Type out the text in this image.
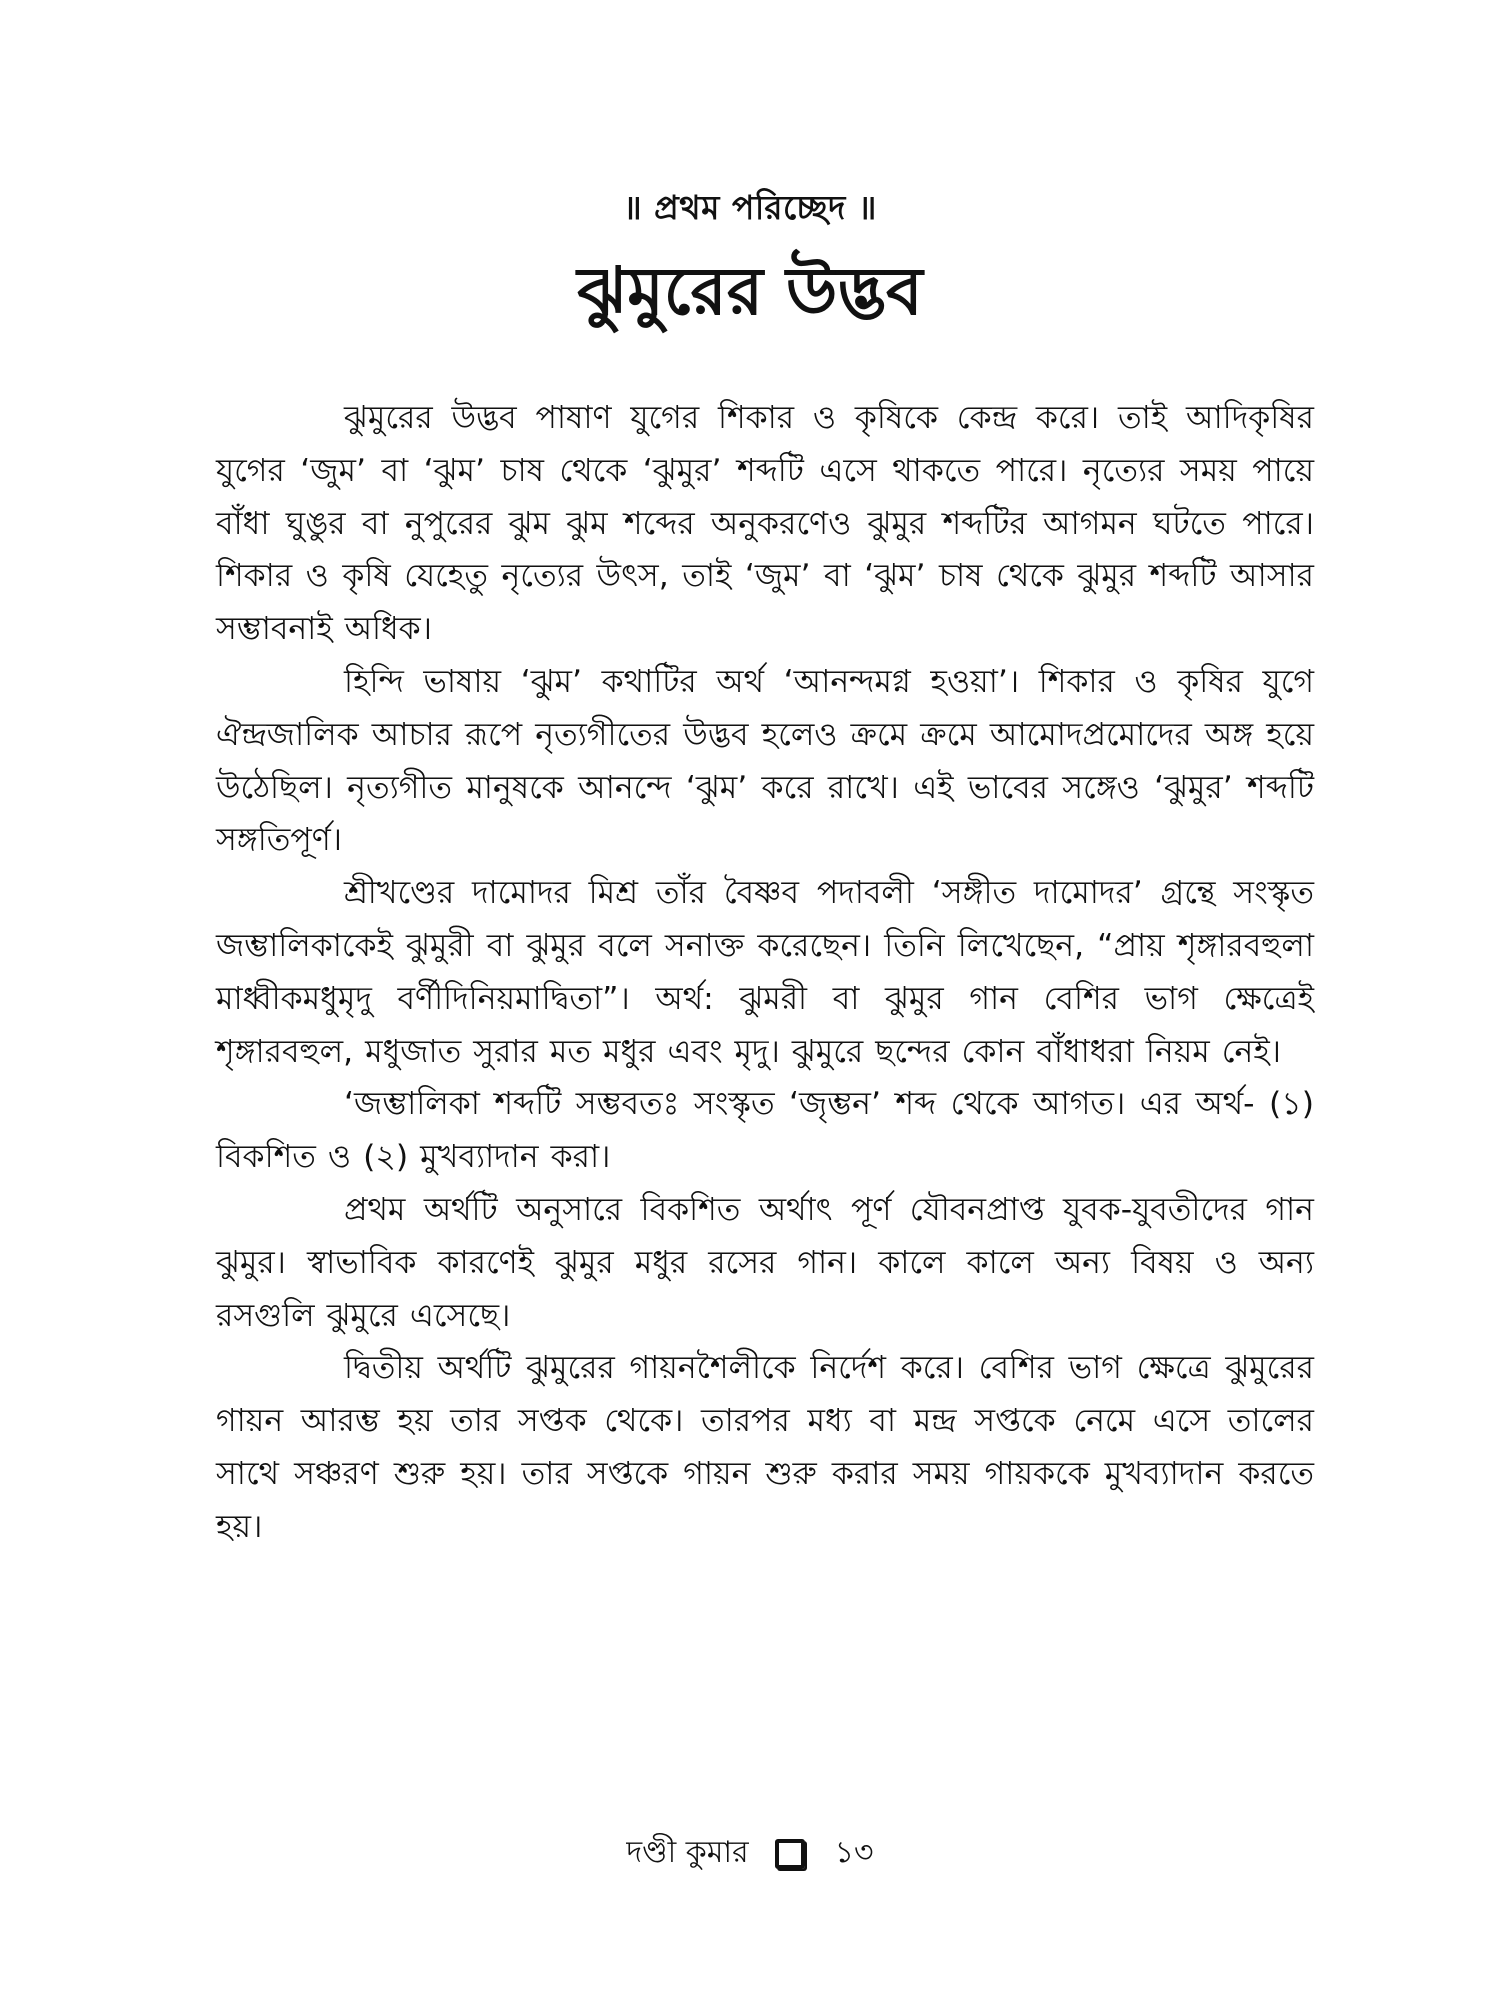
॥ প্রথম পরিচ্ছেদ ॥
ঝুমুরের উদ্ভব

ঝুমুরের উদ্ভব পাষাণ যুগের শিকার ও কৃষিকে কেন্দ্র করে। তাই আদিকৃষির যুগের ‘জুম’ বা ‘ঝুম’ চাষ থেকে ‘ঝুমুর’ শব্দটি এসে থাকতে পারে। নৃত্যের সময় পায়ে বাঁধা ঘুঙুর বা নুপুরের ঝুম ঝুম শব্দের অনুকরণেও ঝুমুর শব্দটির আগমন ঘটতে পারে। শিকার ও কৃষি যেহেতু নৃত্যের উৎস, তাই ‘জুম’ বা ‘ঝুম’ চাষ থেকে ঝুমুর শব্দটি আসার সম্ভাবনাই অধিক।

হিন্দি ভাষায় ‘ঝুম’ কথাটির অর্থ ‘আনন্দমগ্ন হওয়া’। শিকার ও কৃষির যুগে ঐন্দ্রজালিক আচার রূপে নৃত্যগীতের উদ্ভব হলেও ক্রমে ক্রমে আমোদপ্রমোদের অঙ্গ হয়ে উঠেছিল। নৃত্যগীত মানুষকে আনন্দে ‘ঝুম’ করে রাখে। এই ভাবের সঙ্গেও ‘ঝুমুর’ শব্দটি সঙ্গতিপূর্ণ।

শ্রীখণ্ডের দামোদর মিশ্র তাঁর বৈষ্ণব পদাবলী ‘সঙ্গীত দামোদর’ গ্রন্থে সংস্কৃত জম্ভালিকাকেই ঝুমুরী বা ঝুমুর বলে সনাক্ত করেছেন। তিনি লিখেছেন, “প্রায় শৃঙ্গারবহুলা মাধ্বীকমধুমৃদু বর্ণীদিনিয়মাদ্বিতা”। অর্থ: ঝুমরী বা ঝুমুর গান বেশির ভাগ ক্ষেত্রেই শৃঙ্গারবহুল, মধুজাত সুরার মত মধুর এবং মৃদু। ঝুমুরে ছন্দের কোন বাঁধাধরা নিয়ম নেই।

‘জম্ভালিকা শব্দটি সম্ভবতঃ সংস্কৃত ‘জৃম্ভন’ শব্দ থেকে আগত। এর অর্থ- (১) বিকশিত ও (২) মুখব্যাদান করা।

প্রথম অর্থটি অনুসারে বিকশিত অর্থাৎ পূর্ণ যৌবনপ্রাপ্ত যুবক-যুবতীদের গান ঝুমুর। স্বাভাবিক কারণেই ঝুমুর মধুর রসের গান। কালে কালে অন্য বিষয় ও অন্য রসগুলি ঝুমুরে এসেছে।

দ্বিতীয় অর্থটি ঝুমুরের গায়নশৈলীকে নির্দেশ করে। বেশির ভাগ ক্ষেত্রে ঝুমুরের গায়ন আরম্ভ হয় তার সপ্তক থেকে। তারপর মধ্য বা মন্দ্র সপ্তকে নেমে এসে তালের সাথে সঞ্চরণ শুরু হয়। তার সপ্তকে গায়ন শুরু করার সময় গায়ককে মুখব্যাদান করতে হয়।

দণ্ডী কুমার	১৩
